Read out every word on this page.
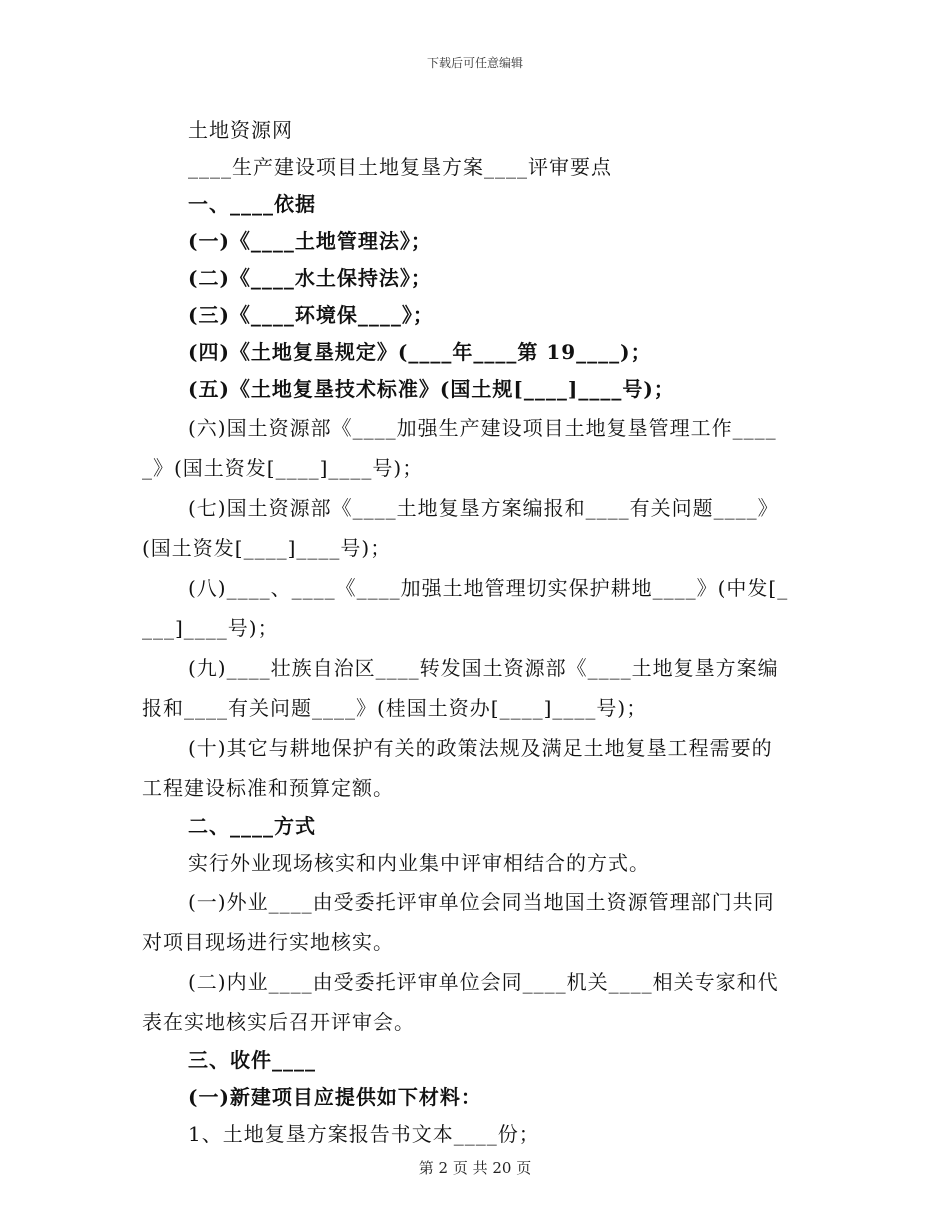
下载后可任意编辑

土地资源网

____生产建设项目土地复垦方案____评审要点

一、____依据

(一)《____土地管理法》；

(二)《____水土保持法》；

(三)《____环境保____》；

(四)《土地复垦规定》(____年____第 19____)；

(五)《土地复垦技术标准》(国土规[____]____号)；

(六)国土资源部《____加强生产建设项目土地复垦管理工作____
_》(国土资发[____]____号)；

(七)国土资源部《____土地复垦方案编报和____有关问题____》
(国土资发[____]____号)；

(八)____、____《____加强土地管理切实保护耕地____》(中发[_
___]____号)；

(九)____壮族自治区____转发国土资源部《____土地复垦方案编
报和____有关问题____》(桂国土资办[____]____号)；

(十)其它与耕地保护有关的政策法规及满足土地复垦工程需要的
工程建设标准和预算定额。

二、____方式

实行外业现场核实和内业集中评审相结合的方式。

(一)外业____由受委托评审单位会同当地国土资源管理部门共同
对项目现场进行实地核实。

(二)内业____由受委托评审单位会同____机关____相关专家和代
表在实地核实后召开评审会。

三、收件____

(一)新建项目应提供如下材料：

1、土地复垦方案报告书文本____份；

第 2 页 共 20 页
